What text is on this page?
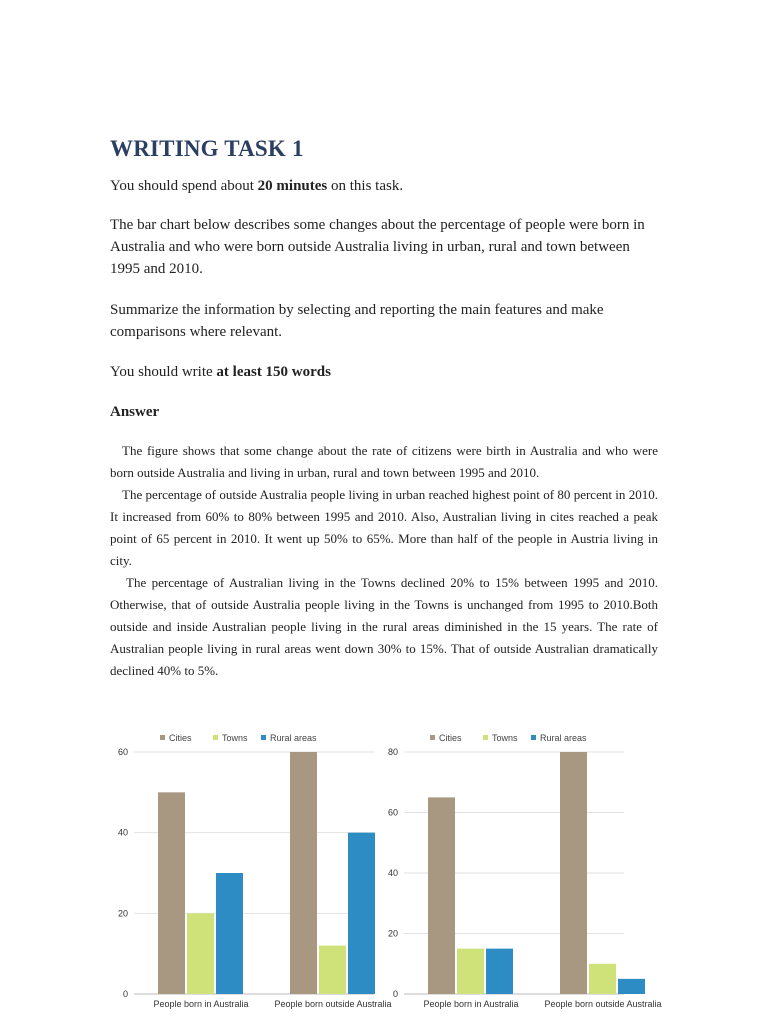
WRITING TASK 1

You should spend about 20 minutes on this task.

The bar chart below describes some changes about the percentage of people were born in Australia and who were born outside Australia living in urban, rural and town between 1995 and 2010.

Summarize the information by selecting and reporting the main features and make comparisons where relevant.

You should write at least 150 words

Answer

The figure shows that some change about the rate of citizens were birth in Australia and who were born outside Australia and living in urban, rural and town between 1995 and 2010.

The percentage of outside Australia people living in urban reached highest point of 80 percent in 2010. It increased from 60% to 80% between 1995 and 2010. Also, Australian living in cites reached a peak point of 65 percent in 2010. It went up 50% to 65%. More than half of the people in Austria living in city.

The percentage of Australian living in the Towns declined 20% to 15% between 1995 and 2010. Otherwise, that of outside Australia people living in the Towns is unchanged from 1995 to 2010.Both outside and inside Australian people living in the rural areas diminished in the 15 years. The rate of Australian people living in rural areas went down 30% to 15%. That of outside Australian dramatically declined 40% to 5%.

0
20
40
60
Cities	Towns Rural areas
People born in Australia	People born outside Australia
0
20
40
60
80
Cities	Towns Rural areas
People born in Australia	People born outside Australia
